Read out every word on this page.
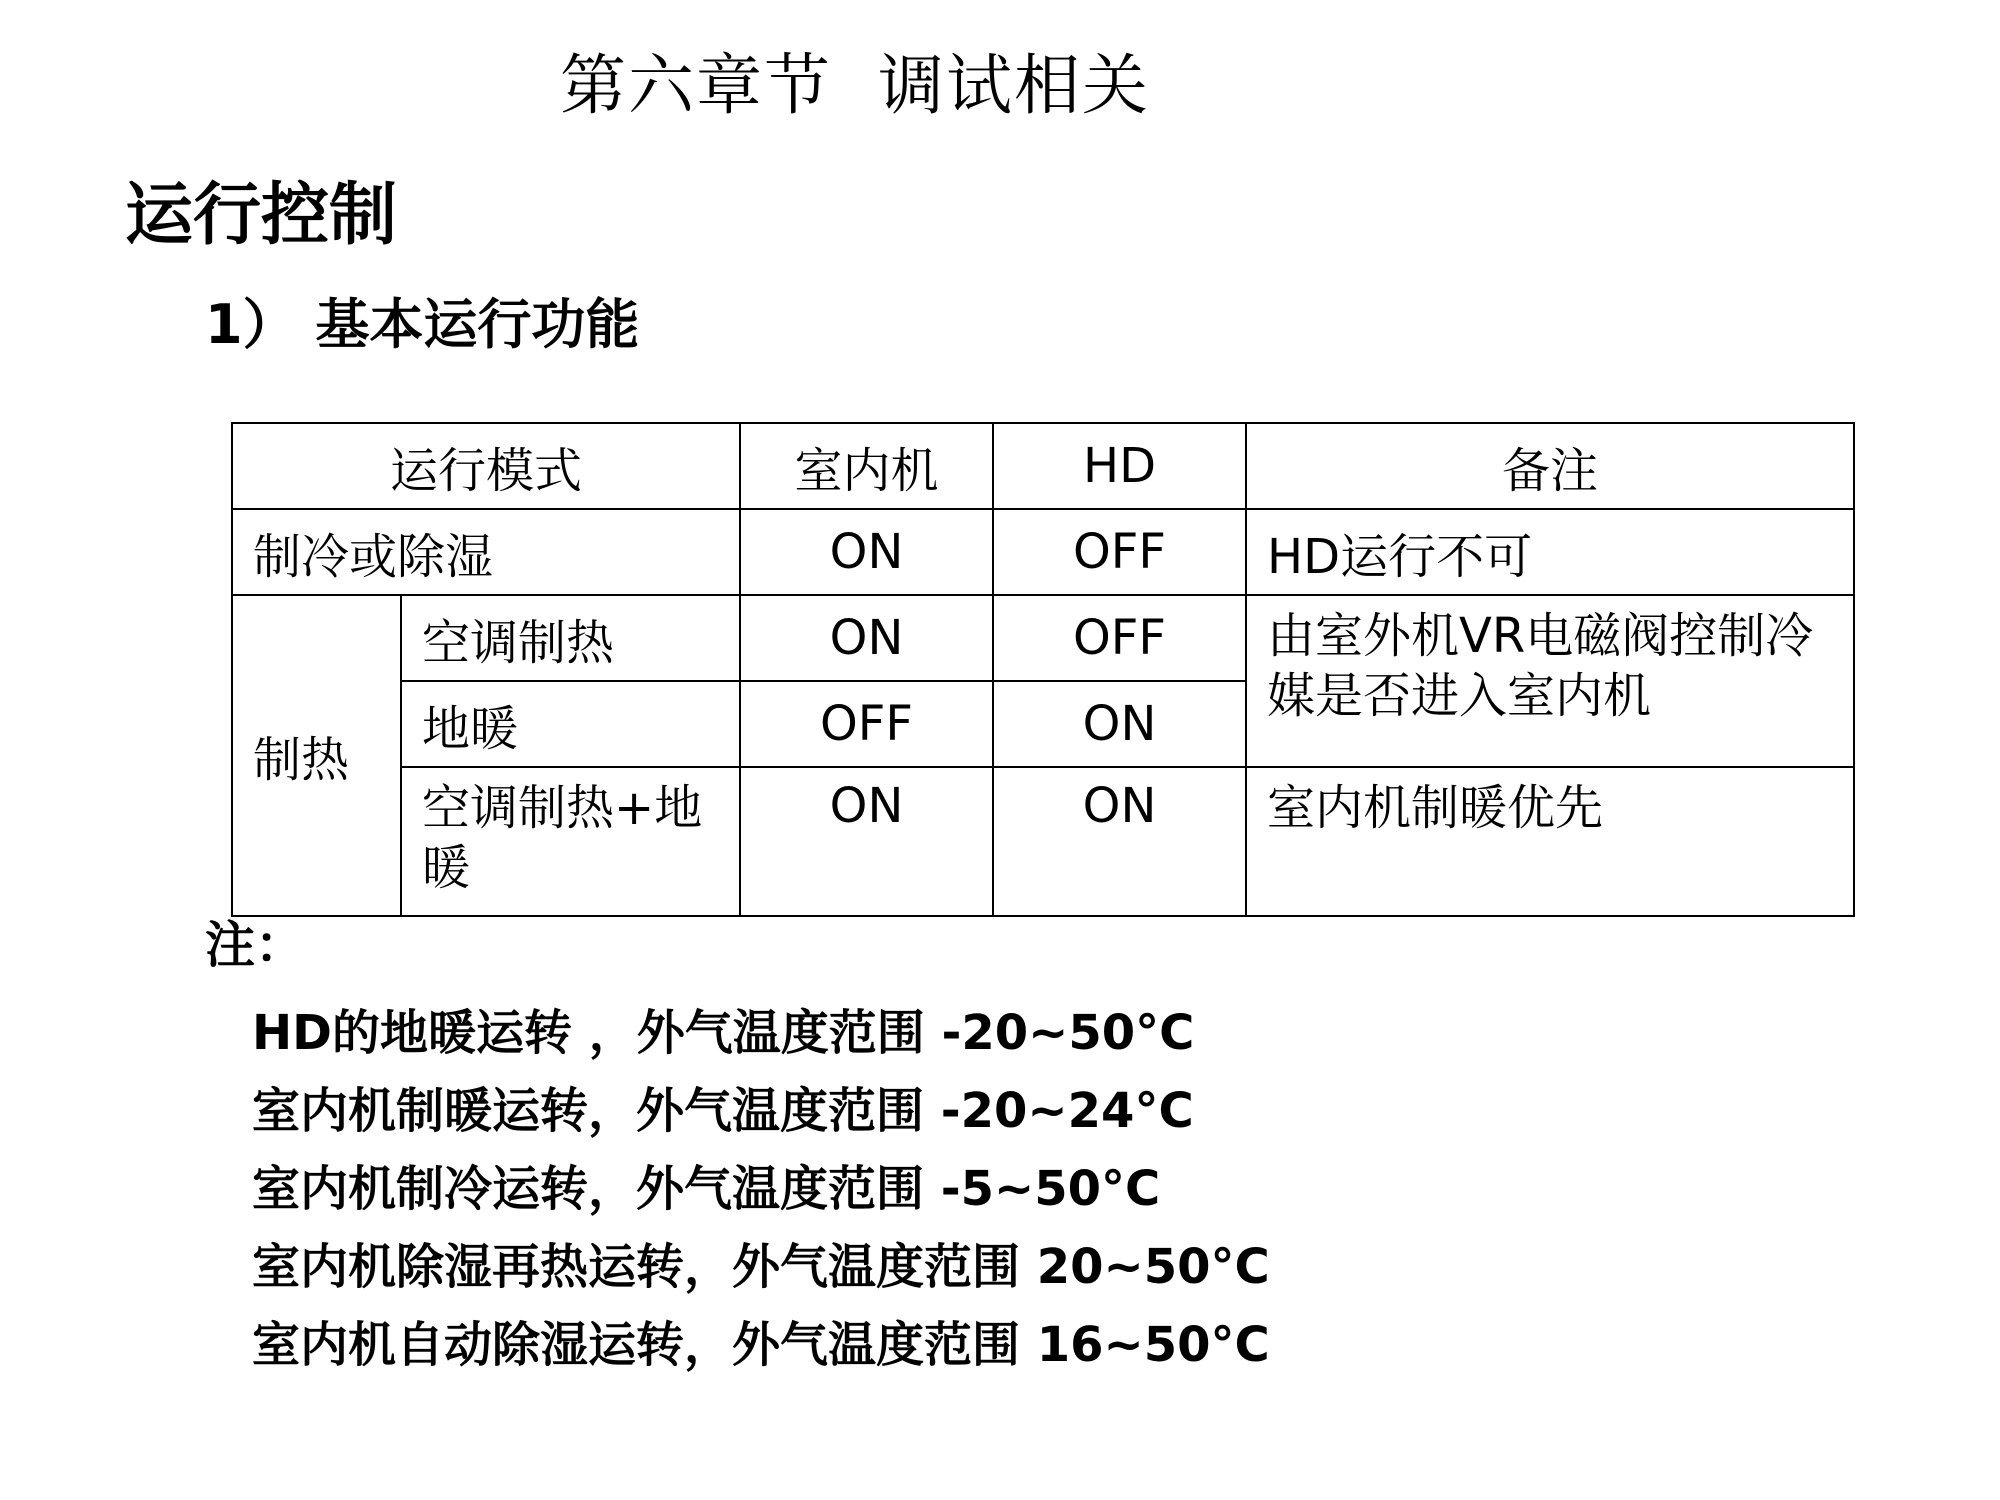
第六章节  调试相关
运行控制
1） 基本运行功能
运行模式		室内机	HD	备注
制冷或除湿		ON	OFF	HD运行不可
制热	空调制热	ON	OFF	由室外机VR电磁阀控制冷媒是否进入室内机
	地暖	OFF	ON	
	空调制热+地暖	ON	ON	室内机制暖优先
注：
HD的地暖运转 ，外气温度范围 -20~50°C
室内机制暖运转，外气温度范围 -20~24°C
室内机制冷运转，外气温度范围 -5~50°C
室内机除湿再热运转，外气温度范围 20~50°C
室内机自动除湿运转，外气温度范围 16~50°C
